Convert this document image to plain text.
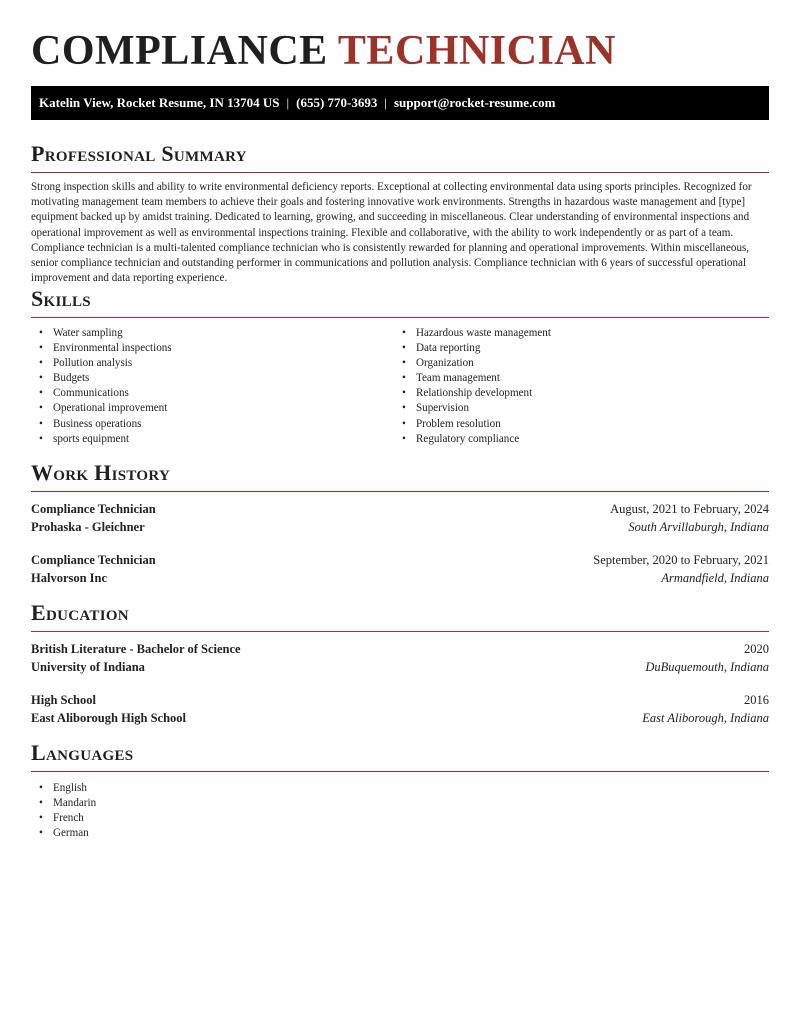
COMPLIANCE TECHNICIAN
Katelin View, Rocket Resume, IN 13704 US | (655) 770-3693 | support@rocket-resume.com
Professional Summary

Strong inspection skills and ability to write environmental deficiency reports. Exceptional at collecting environmental data using sports principles. Recognized for motivating management team members to achieve their goals and fostering innovative work environments. Strengths in hazardous waste management and [type] equipment backed up by amidst training. Dedicated to learning, growing, and succeeding in miscellaneous. Clear understanding of environmental inspections and operational improvement as well as environmental inspections training. Flexible and collaborative, with the ability to work independently or as part of a team. Compliance technician is a multi-talented compliance technician who is consistently rewarded for planning and operational improvements. Within miscellaneous, senior compliance technician and outstanding performer in communications and pollution analysis. Compliance technician with 6 years of successful operational improvement and data reporting experience.

Skills
• Water sampling
• Environmental inspections
• Pollution analysis
• Budgets
• Communications
• Operational improvement
• Business operations
• sports equipment
• Hazardous waste management
• Data reporting
• Organization
• Team management
• Relationship development
• Supervision
• Problem resolution
• Regulatory compliance
Work History
Compliance Technician
Prohaska - Gleichner
August, 2021 to February, 2024
South Arvillaburgh, Indiana
Compliance Technician
Halvorson Inc
September, 2020 to February, 2021
Armandfield, Indiana
Education
British Literature - Bachelor of Science
University of Indiana
2020
DuBuquemouth, Indiana
High School
East Aliborough High School
2016
East Aliborough, Indiana
Languages
• English
• Mandarin
• French
• German
